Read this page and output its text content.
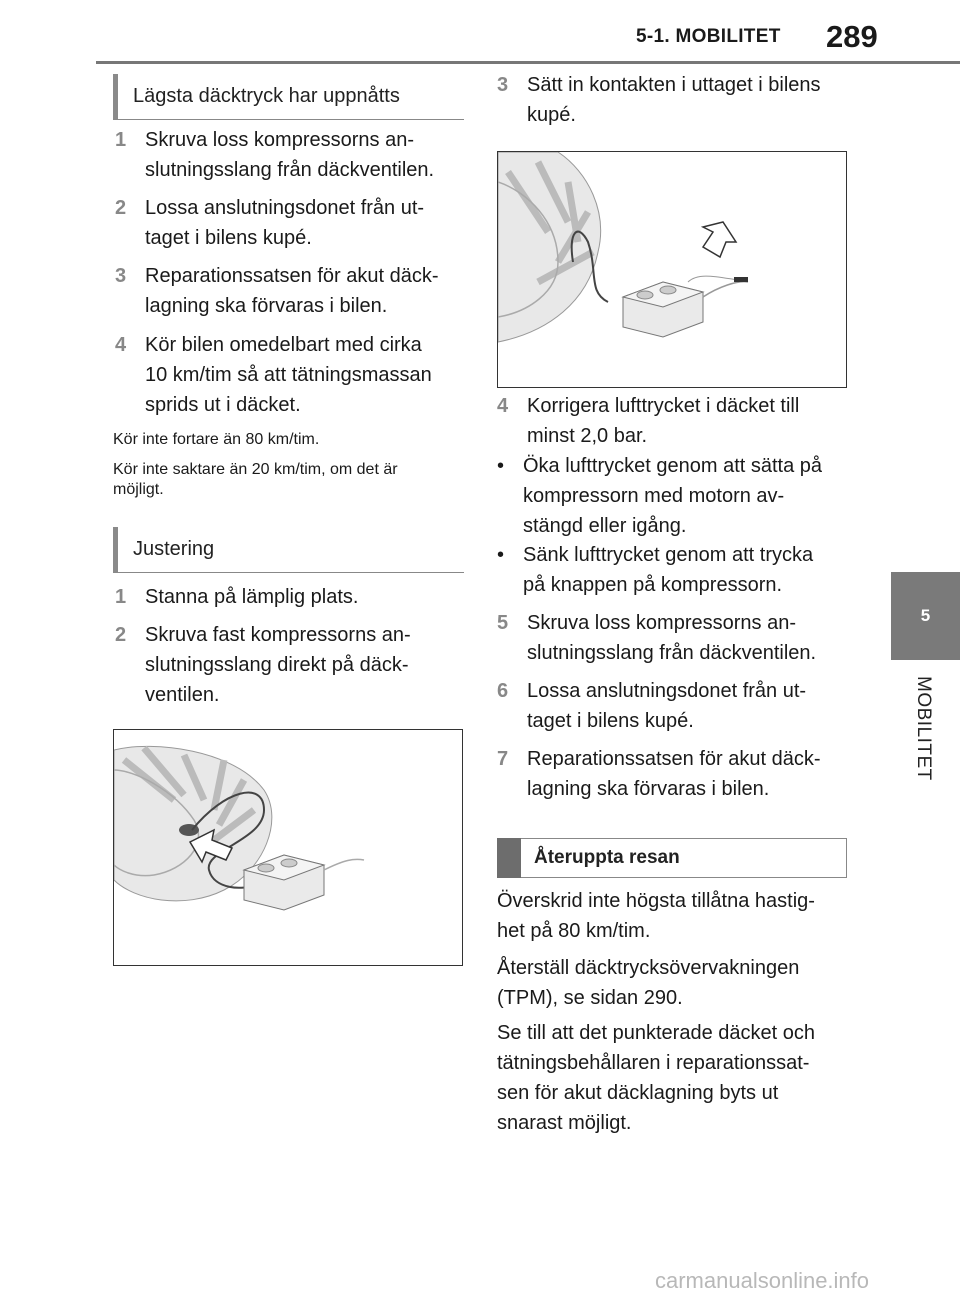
5-1. MOBILITET 289
5
MOBILITET
Lägsta däcktryck har uppnåtts
1 Skruva loss kompressorns an-
slutningsslang från däckventilen.
2 Lossa anslutningsdonet från ut-
taget i bilens kupé.
3 Reparationssatsen för akut däck-
lagning ska förvaras i bilen.
4 Kör bilen omedelbart med cirka
10 km/tim så att tätningsmassan
sprids ut i däcket.
Kör inte fortare än 80 km/tim.
Kör inte saktare än 20 km/tim, om det är
möjligt.
Justering
1 Stanna på lämplig plats.
2 Skruva fast kompressorns an-
slutningsslang direkt på däck-
ventilen.
3 Sätt in kontakten i uttaget i bilens
kupé.
4 Korrigera lufttrycket i däcket till
minst 2,0 bar.
• Öka lufttrycket genom att sätta på
kompressorn med motorn av-
stängd eller igång.
• Sänk lufttrycket genom att trycka
på knappen på kompressorn.
5 Skruva loss kompressorns an-
slutningsslang från däckventilen.
6 Lossa anslutningsdonet från ut-
taget i bilens kupé.
7 Reparationssatsen för akut däck-
lagning ska förvaras i bilen.
Återuppta resan
Överskrid inte högsta tillåtna hastig-
het på 80 km/tim.
Återställ däcktrycksövervakningen
(TPM), se sidan 290.
Se till att det punkterade däcket och
tätningsbehållaren i reparationssat-
sen för akut däcklagning byts ut
snarast möjligt.
carmanualsonline.info
